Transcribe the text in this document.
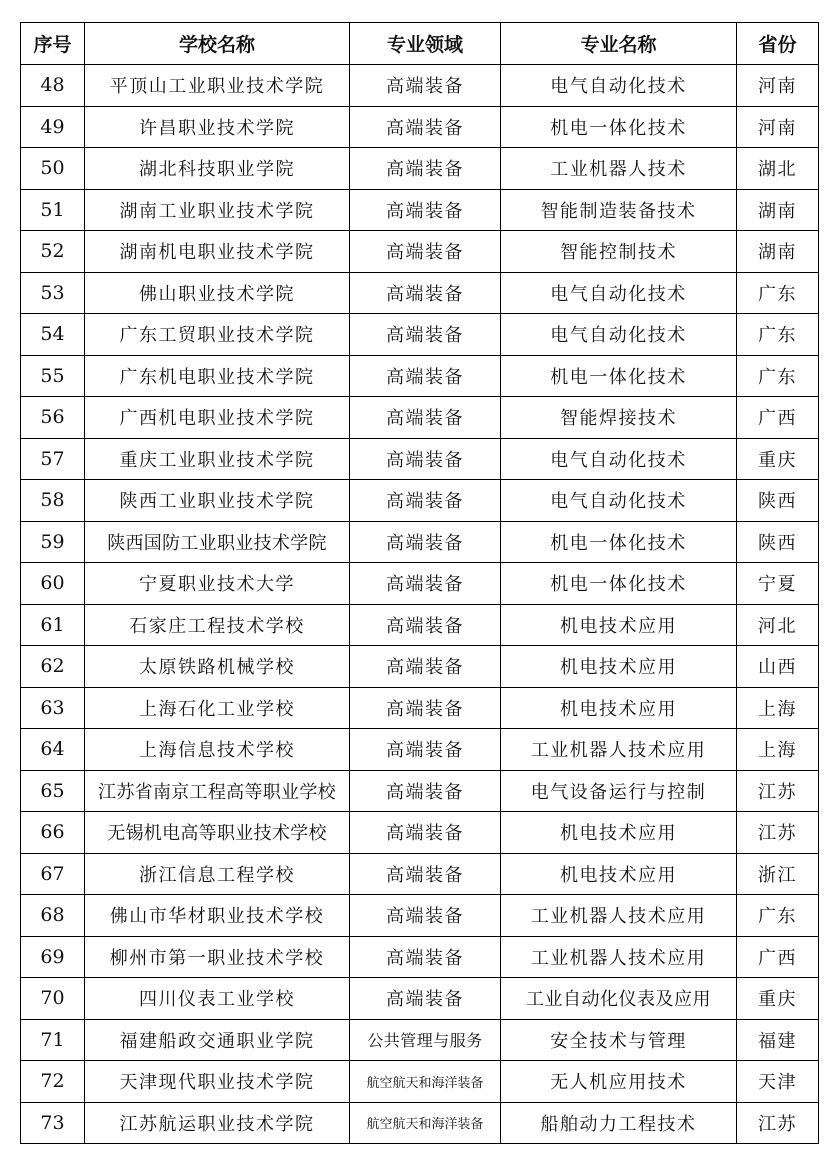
序号	学校名称	专业领域	专业名称	省份
48	平顶山工业职业技术学院	高端装备	电气自动化技术	河南
49	许昌职业技术学院	高端装备	机电一体化技术	河南
50	湖北科技职业学院	高端装备	工业机器人技术	湖北
51	湖南工业职业技术学院	高端装备	智能制造装备技术	湖南
52	湖南机电职业技术学院	高端装备	智能控制技术	湖南
53	佛山职业技术学院	高端装备	电气自动化技术	广东
54	广东工贸职业技术学院	高端装备	电气自动化技术	广东
55	广东机电职业技术学院	高端装备	机电一体化技术	广东
56	广西机电职业技术学院	高端装备	智能焊接技术	广西
57	重庆工业职业技术学院	高端装备	电气自动化技术	重庆
58	陕西工业职业技术学院	高端装备	电气自动化技术	陕西
59	陕西国防工业职业技术学院	高端装备	机电一体化技术	陕西
60	宁夏职业技术大学	高端装备	机电一体化技术	宁夏
61	石家庄工程技术学校	高端装备	机电技术应用	河北
62	太原铁路机械学校	高端装备	机电技术应用	山西
63	上海石化工业学校	高端装备	机电技术应用	上海
64	上海信息技术学校	高端装备	工业机器人技术应用	上海
65	江苏省南京工程高等职业学校	高端装备	电气设备运行与控制	江苏
66	无锡机电高等职业技术学校	高端装备	机电技术应用	江苏
67	浙江信息工程学校	高端装备	机电技术应用	浙江
68	佛山市华材职业技术学校	高端装备	工业机器人技术应用	广东
69	柳州市第一职业技术学校	高端装备	工业机器人技术应用	广西
70	四川仪表工业学校	高端装备	工业自动化仪表及应用	重庆
71	福建船政交通职业学院	公共管理与服务	安全技术与管理	福建
72	天津现代职业技术学院	航空航天和海洋装备	无人机应用技术	天津
73	江苏航运职业技术学院	航空航天和海洋装备	船舶动力工程技术	江苏
